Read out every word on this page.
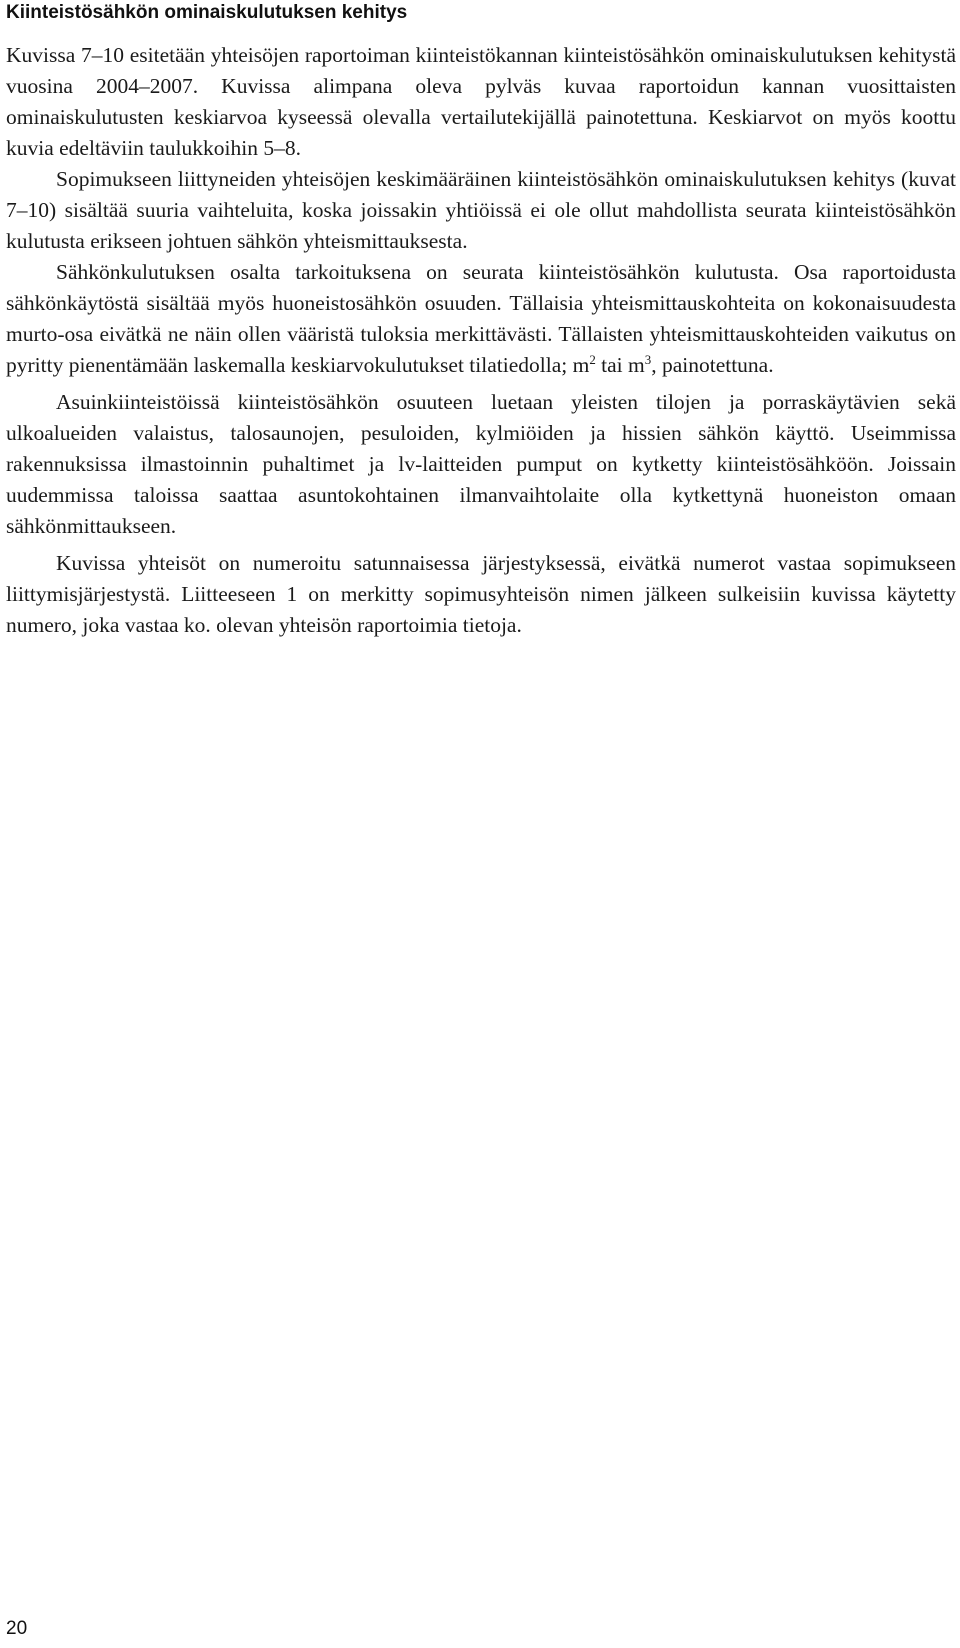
Kiinteistösähkön ominaiskulutuksen kehitys

Kuvissa 7–10 esitetään yhteisöjen raportoiman kiinteistökannan kiinteistösähkön ominaiskulutuksen kehitystä vuosina 2004–2007. Kuvissa alimpana oleva pylväs kuvaa raportoidun kannan vuosittaisten ominaiskulutusten keskiarvoa kyseessä olevalla vertailutekijällä painotettuna. Keskiarvot on myös koottu kuvia edeltäviin taulukkoihin 5–8.

Sopimukseen liittyneiden yhteisöjen keskimääräinen kiinteistösähkön ominaiskulutuksen kehitys (kuvat 7–10) sisältää suuria vaihteluita, koska joissakin yhtiöissä ei ole ollut mahdollista seurata kiinteistösähkön kulutusta erikseen johtuen sähkön yhteismittauksesta.

Sähkönkulutuksen osalta tarkoituksena on seurata kiinteistösähkön kulutusta. Osa raportoidusta sähkönkäytöstä sisältää myös huoneistosähkön osuuden. Tällaisia yhteismittauskohteita on kokonaisuudesta murto-osa eivätkä ne näin ollen vääristä tuloksia merkittävästi. Tällaisten yhteismittauskohteiden vaikutus on pyritty pienentämään laskemalla keskiarvokulutukset tilatiedolla; $m^2$ tai $m^3$, painotettuna.

Asuinkiinteistöissä kiinteistösähkön osuuteen luetaan yleisten tilojen ja porraskäytävien sekä ulkoalueiden valaistus, talosaunojen, pesuloiden, kylmiöiden ja hissien sähkön käyttö. Useimmissa rakennuksissa ilmastoinnin puhaltimet ja lv-laitteiden pumput on kytketty kiinteistösähköön. Joissain uudemmissa taloissa saattaa asuntokohtainen ilmanvaihtolaite olla kytkettynä huoneiston omaan sähkönmittaukseen.

Kuvissa yhteisöt on numeroitu satunnaisessa järjestyksessä, eivätkä numerot vastaa sopimukseen liittymisjärjestystä. Liitteeseen 1 on merkitty sopimusyhteisön nimen jälkeen sulkeisiin kuvissa käytetty numero, joka vastaa ko. olevan yhteisön raportoimia tietoja.

20
